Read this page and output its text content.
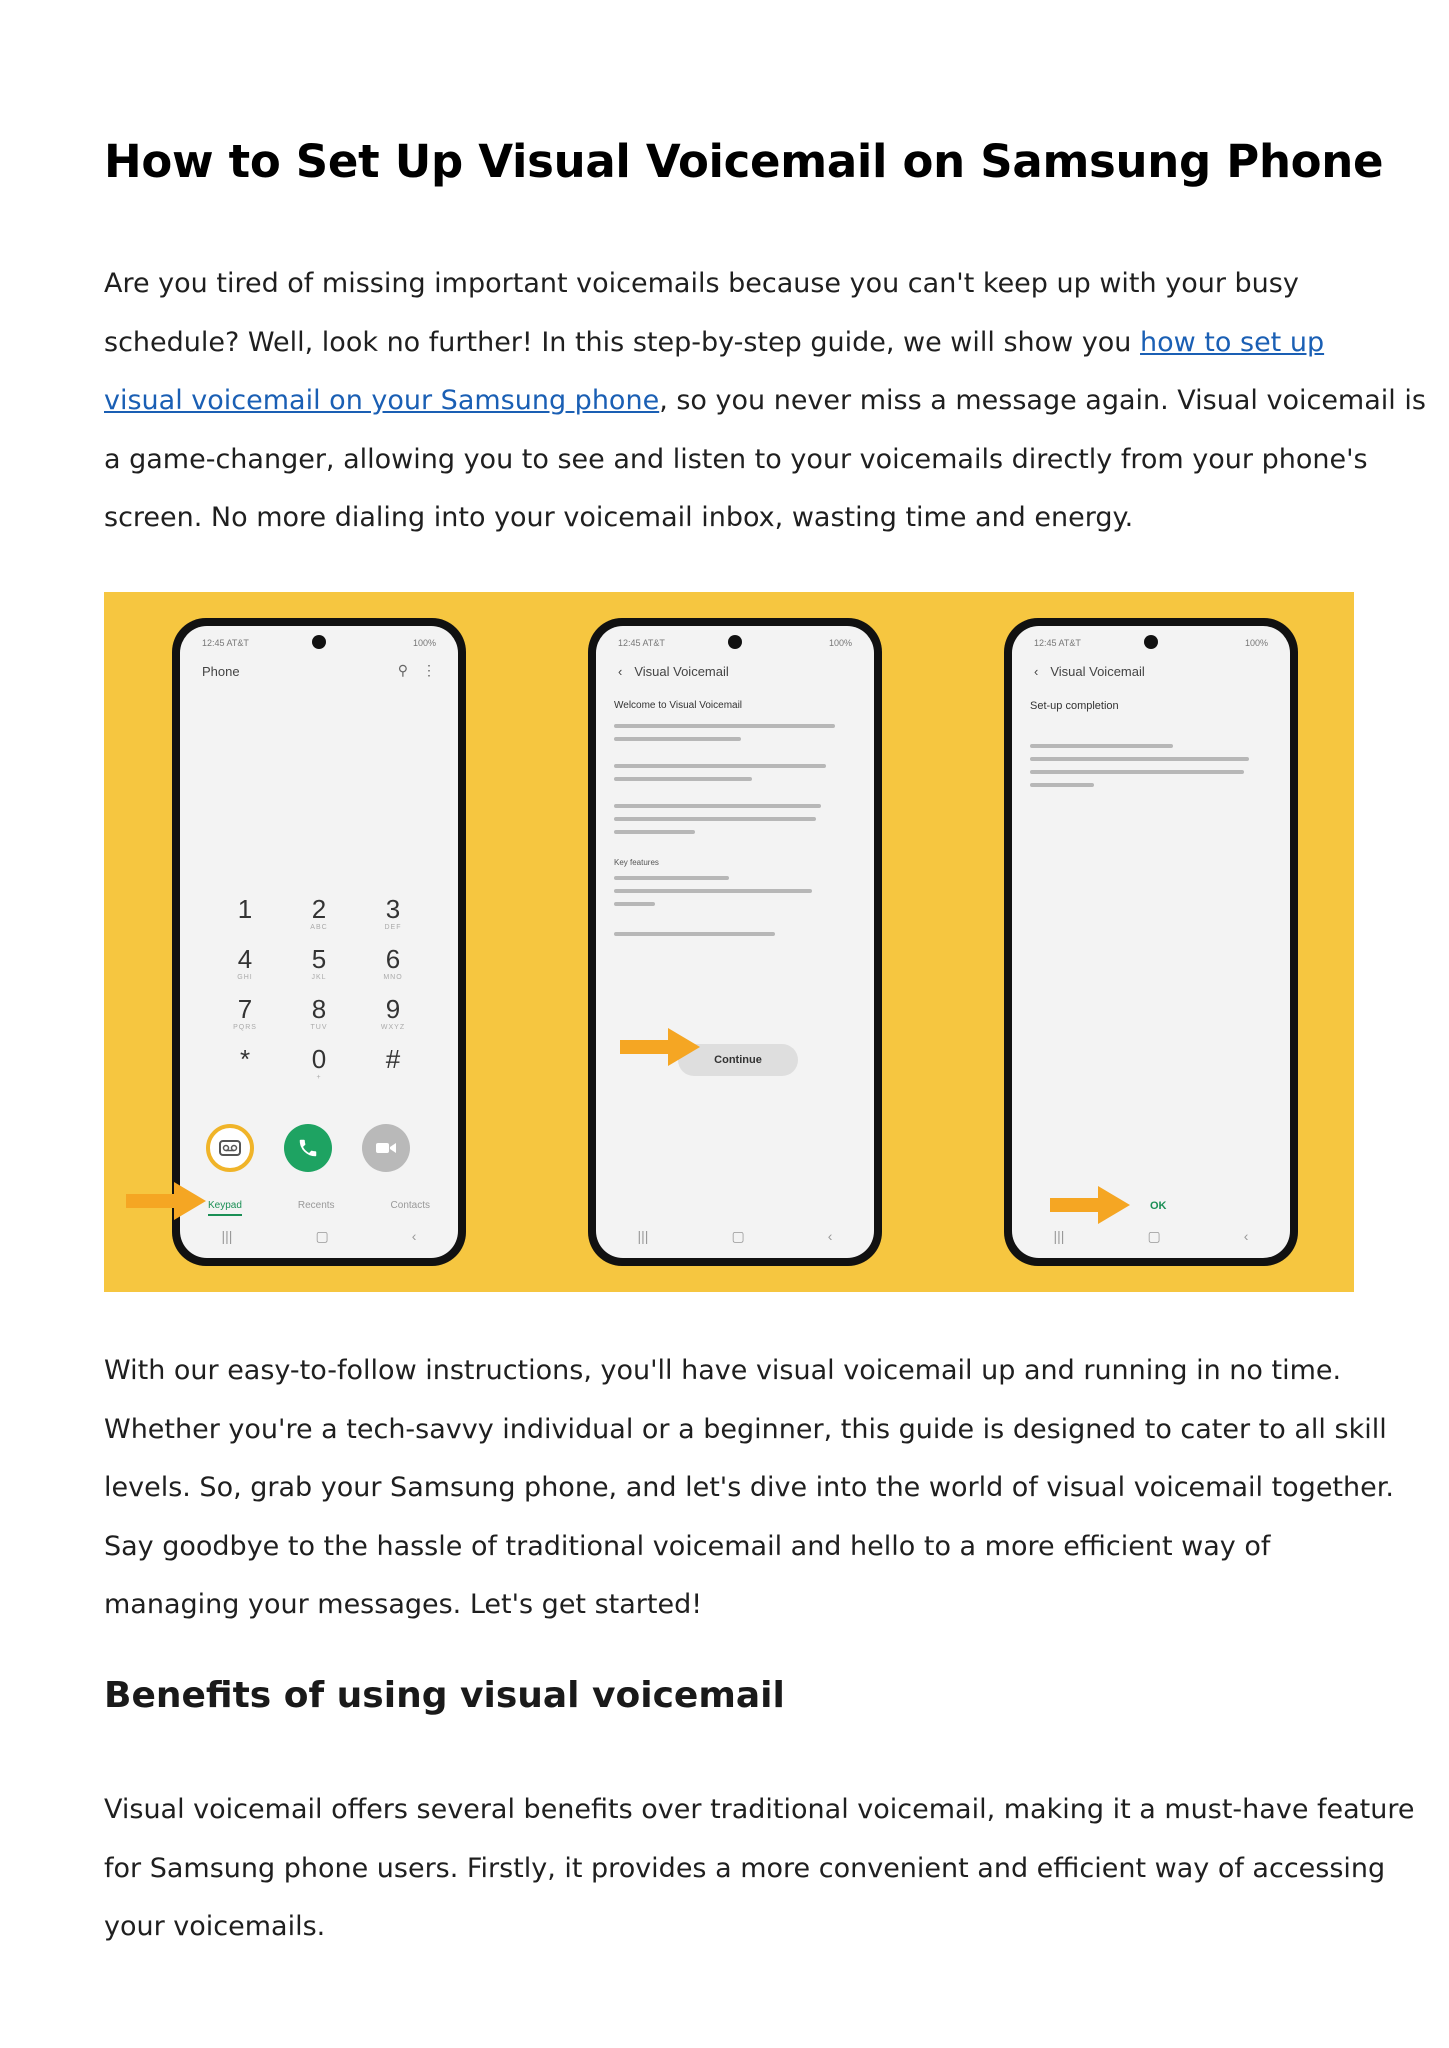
How to Set Up Visual Voicemail on Samsung Phone

Are you tired of missing important voicemails because you can't keep up with your busy
schedule? Well, look no further! In this step-by-step guide, we will show you how to set up
visual voicemail on your Samsung phone, so you never miss a message again. Visual voicemail is
a game-changer, allowing you to see and listen to your voicemails directly from your phone's
screen. No more dialing into your voicemail inbox, wasting time and energy.

12:45 AT&T	100%
Phone	⚲ ⋮
1	2
ABC
3
DEF
4
GHI
5
JKL
6
MNO
7
PQRS
8
TUV
9
WXYZ
*	0
+
#
Keypad	Recents	Contacts
|||	▢	‹
12:45 AT&T	100%
‹ Visual Voicemail
Welcome to Visual Voicemail
Key features
Continue
|||	▢	‹
12:45 AT&T	100%
‹ Visual Voicemail
Set-up completion
OK
|||	▢	‹

With our easy-to-follow instructions, you'll have visual voicemail up and running in no time.
Whether you're a tech-savvy individual or a beginner, this guide is designed to cater to all skill
levels. So, grab your Samsung phone, and let's dive into the world of visual voicemail together.
Say goodbye to the hassle of traditional voicemail and hello to a more efficient way of
managing your messages. Let's get started!

Benefits of using visual voicemail

Visual voicemail offers several benefits over traditional voicemail, making it a must-have feature
for Samsung phone users. Firstly, it provides a more convenient and efficient way of accessing
your voicemails.
